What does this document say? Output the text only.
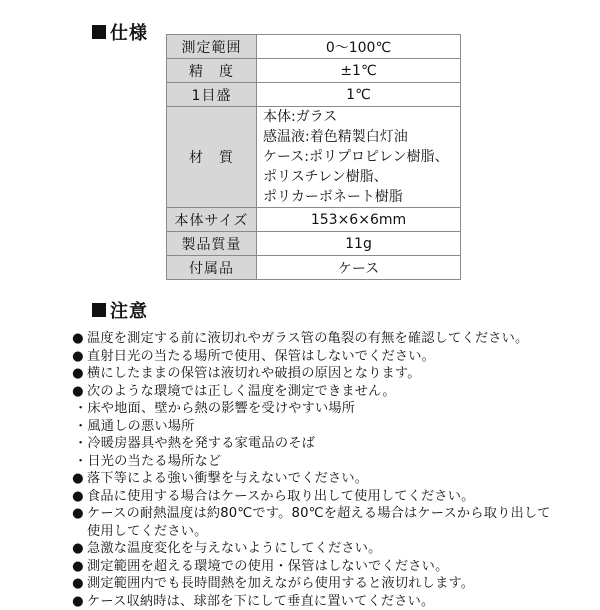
仕様
測定範囲	0〜100℃
精　度	±1℃
1目盛	1℃
材　質	本体:ガラス
感温液:着色精製白灯油
ケース:ポリプロピレン樹脂、
ポリスチレン樹脂、
ポリカーボネート樹脂

本体サイズ	153×6×6mm
製品質量	11g
付属品	ケース
注意
● 温度を測定する前に液切れやガラス管の亀裂の有無を確認してください。
● 直射日光の当たる場所で使用、保管はしないでください。
● 横にしたままの保管は液切れや破損の原因となります。
● 次のような環境では正しく温度を測定できません。
・床や地面、壁から熱の影響を受けやすい場所
・風通しの悪い場所
・冷暖房器具や熱を発する家電品のそば
・日光の当たる場所など
● 落下等による強い衝撃を与えないでください。
● 食品に使用する場合はケースから取り出して使用してください。
● ケースの耐熱温度は約80℃です。80℃を超える場合はケースから取り出して
使用してください。
● 急激な温度変化を与えないようにしてください。
● 測定範囲を超える環境での使用・保管はしないでください。
● 測定範囲内でも長時間熱を加えながら使用すると液切れします。
● ケース収納時は、球部を下にして垂直に置いてください。
